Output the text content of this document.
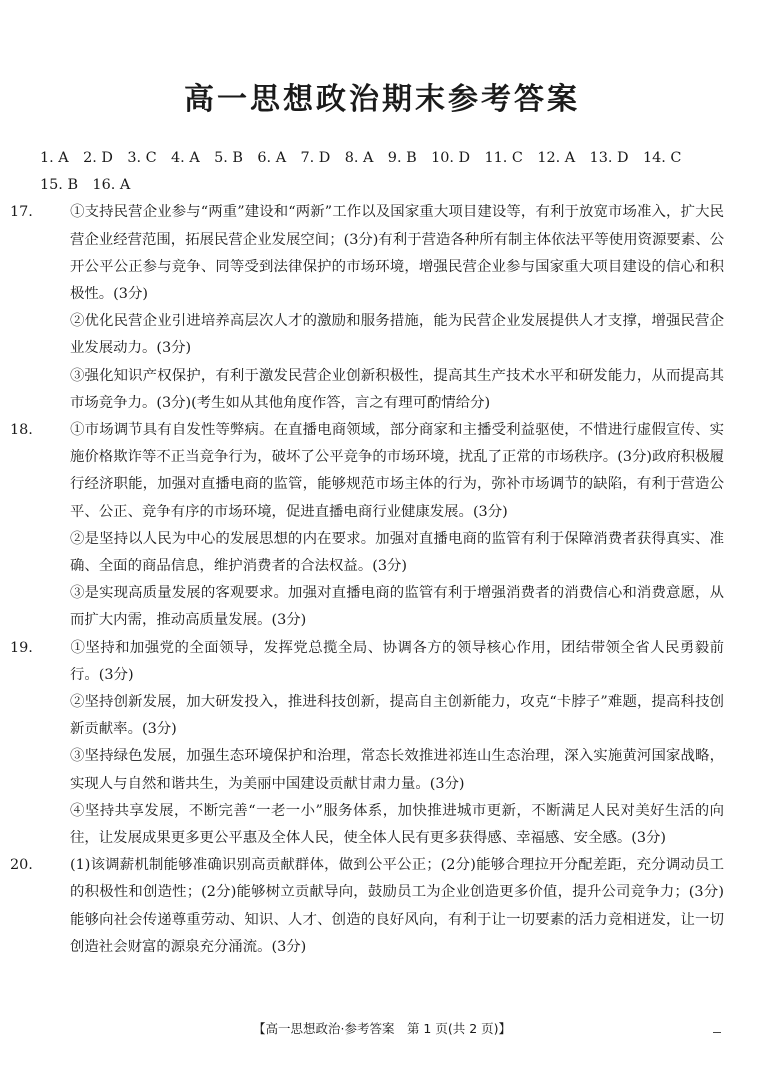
高一思想政治期末参考答案
1. A　2. D　3. C　4. A　5. B　6. A　7. D　8. A　9. B　10. D　11. C　12. A　13. D　14. C
15. B　16. A
17.	①支持民营企业参与“两重”建设和“两新”工作以及国家重大项目建设等，有利于放宽市场准入，扩大民营企业经营范围，拓展民营企业发展空间；(3分)有利于营造各种所有制主体依法平等使用资源要素、公开公平公正参与竞争、同等受到法律保护的市场环境，增强民营企业参与国家重大项目建设的信心和积极性。(3分)
②优化民营企业引进培养高层次人才的激励和服务措施，能为民营企业发展提供人才支撑，增强民营企业发展动力。(3分)
③强化知识产权保护，有利于激发民营企业创新积极性，提高其生产技术水平和研发能力，从而提高其市场竞争力。(3分)(考生如从其他角度作答，言之有理可酌情给分)
18.	①市场调节具有自发性等弊病。在直播电商领域，部分商家和主播受利益驱使，不惜进行虚假宣传、实施价格欺诈等不正当竞争行为，破坏了公平竞争的市场环境，扰乱了正常的市场秩序。(3分)政府积极履行经济职能，加强对直播电商的监管，能够规范市场主体的行为，弥补市场调节的缺陷，有利于营造公平、公正、竞争有序的市场环境，促进直播电商行业健康发展。(3分)
②是坚持以人民为中心的发展思想的内在要求。加强对直播电商的监管有利于保障消费者获得真实、准确、全面的商品信息，维护消费者的合法权益。(3分)
③是实现高质量发展的客观要求。加强对直播电商的监管有利于增强消费者的消费信心和消费意愿，从而扩大内需，推动高质量发展。(3分)
19.	①坚持和加强党的全面领导，发挥党总揽全局、协调各方的领导核心作用，团结带领全省人民勇毅前行。(3分)
②坚持创新发展，加大研发投入，推进科技创新，提高自主创新能力，攻克“卡脖子”难题，提高科技创新贡献率。(3分)
③坚持绿色发展，加强生态环境保护和治理，常态长效推进祁连山生态治理，深入实施黄河国家战略，实现人与自然和谐共生，为美丽中国建设贡献甘肃力量。(3分)
④坚持共享发展，不断完善“一老一小”服务体系，加快推进城市更新，不断满足人民对美好生活的向往，让发展成果更多更公平惠及全体人民，使全体人民有更多获得感、幸福感、安全感。(3分)
20.	(1)该调薪机制能够准确识别高贡献群体，做到公平公正；(2分)能够合理拉开分配差距，充分调动员工的积极性和创造性；(2分)能够树立贡献导向，鼓励员工为企业创造更多价值，提升公司竞争力；(3分)能够向社会传递尊重劳动、知识、人才、创造的良好风向，有利于让一切要素的活力竞相迸发，让一切创造社会财富的源泉充分涌流。(3分)
【高一思想政治·参考答案　第 1 页(共 2 页)】
